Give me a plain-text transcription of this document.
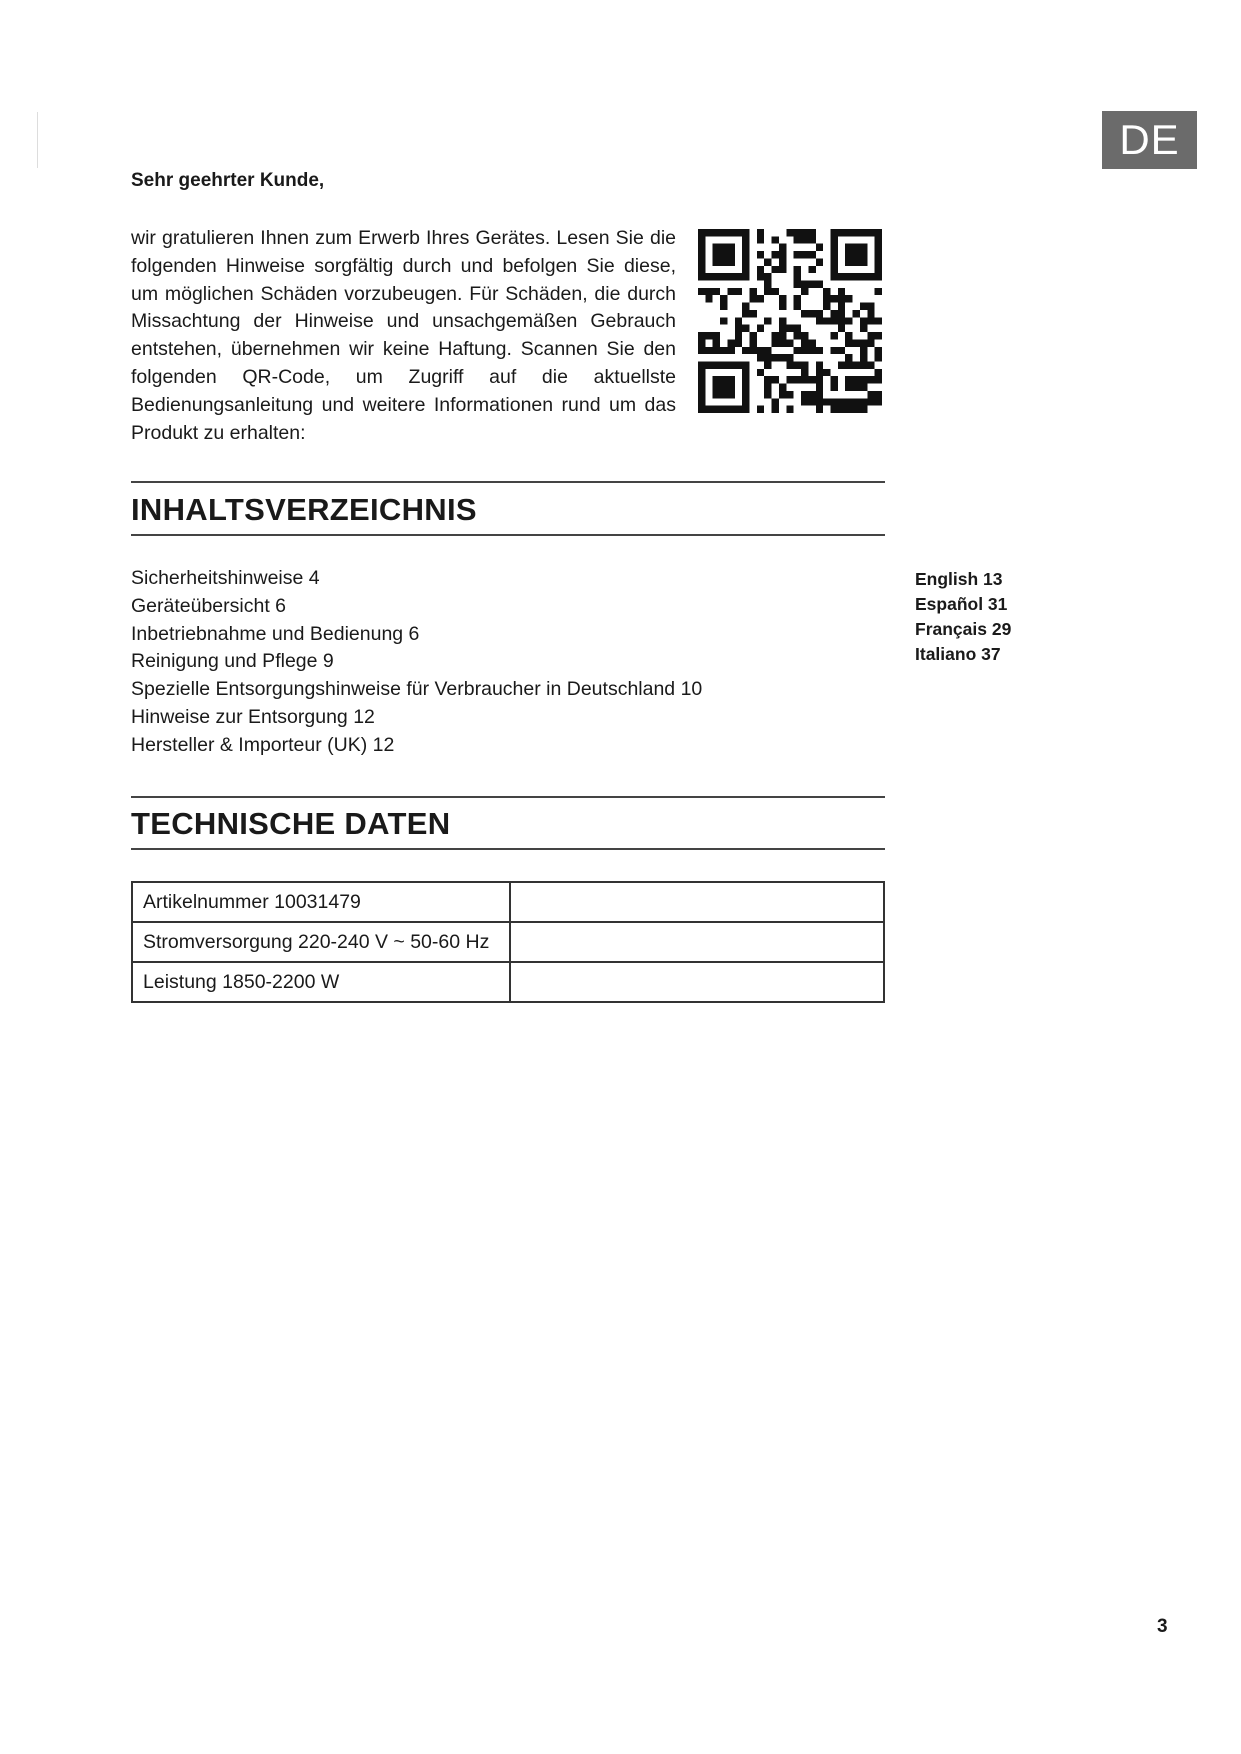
DE
Sehr geehrter Kunde,

wir gratulieren Ihnen zum Erwerb Ihres Gerätes. Lesen Sie die folgenden Hinweise sorgfältig durch und befolgen Sie diese, um möglichen Schäden vorzubeugen. Für Schäden, die durch Missachtung der Hinweise und unsachgemäßen Gebrauch entstehen, übernehmen wir keine Haftung. Scannen Sie den folgenden QR-Code, um Zugriff auf die aktuellste Bedienungsanleitung und weitere Informationen rund um das Produkt zu erhalten:

INHALTSVERZEICHNIS
Sicherheitshinweise 4
Geräteübersicht 6
Inbetriebnahme und Bedienung 6
Reinigung und Pflege 9
Spezielle Entsorgungshinweise für Verbraucher in Deutschland 10
Hinweise zur Entsorgung 12
Hersteller & Importeur (UK) 12
English 13
Español 31
Français 29
Italiano 37
TECHNISCHE DATEN
Artikelnummer 10031479	
Stromversorgung 220-240 V ~ 50-60 Hz	
Leistung 1850-2200 W	
3
